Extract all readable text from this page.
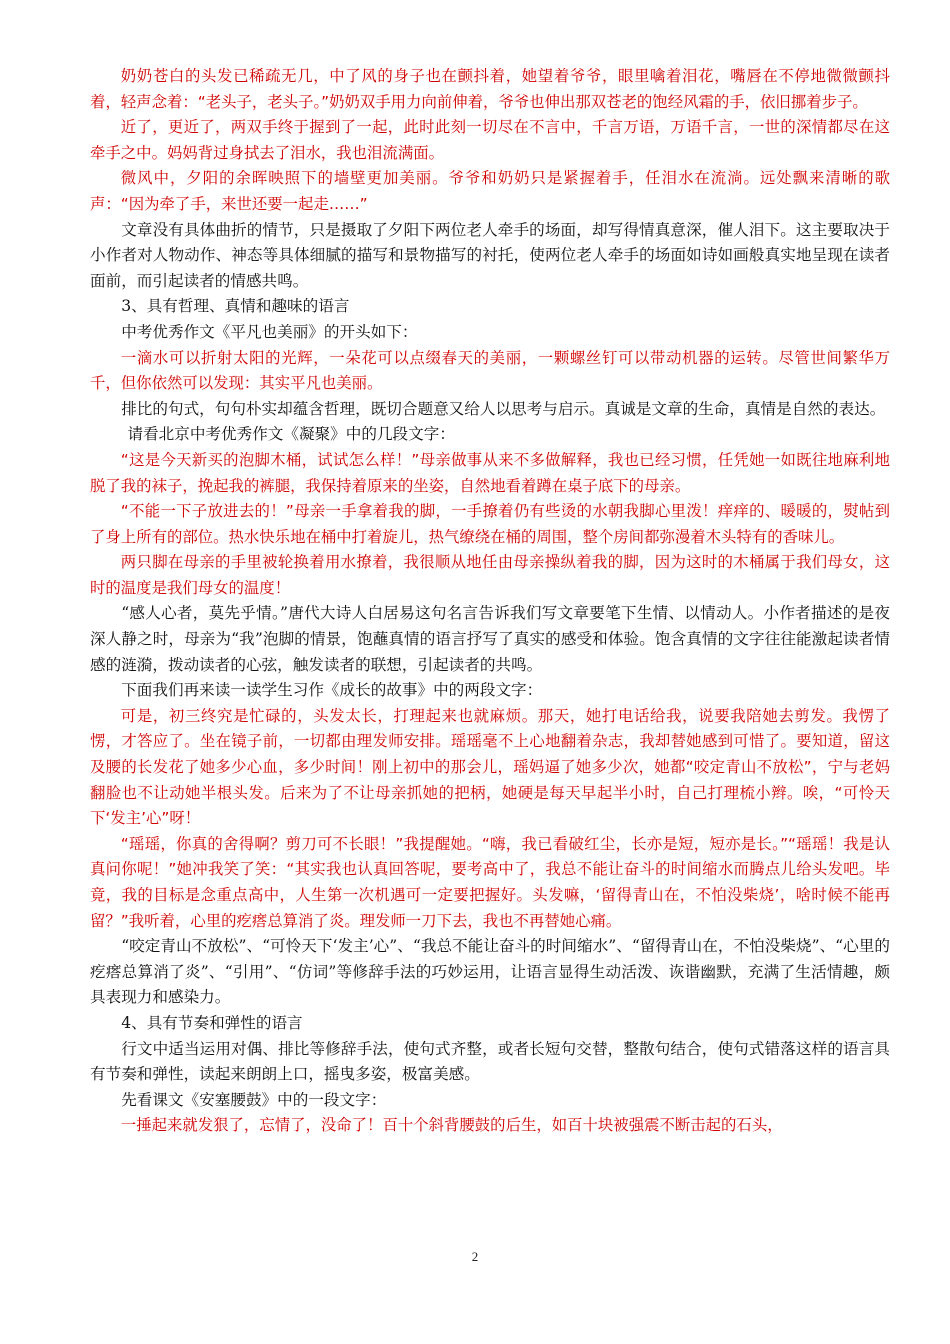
奶奶苍白的头发已稀疏无几，中了风的身子也在颤抖着，她望着爷爷，眼里噙着泪花，嘴唇在不停地微微颤抖着，轻声念着：“老头子，老头子。”奶奶双手用力向前伸着，爷爷也伸出那双苍老的饱经风霜的手，依旧挪着步子。

近了，更近了，两双手终于握到了一起，此时此刻一切尽在不言中，千言万语，万语千言，一世的深情都尽在这牵手之中。妈妈背过身拭去了泪水，我也泪流满面。

微风中，夕阳的余晖映照下的墙壁更加美丽。爷爷和奶奶只是紧握着手，任泪水在流淌。远处飘来清晰的歌声：“因为牵了手，来世还要一起走……”

文章没有具体曲折的情节，只是摄取了夕阳下两位老人牵手的场面，却写得情真意深，催人泪下。这主要取决于小作者对人物动作、神态等具体细腻的描写和景物描写的衬托，使两位老人牵手的场面如诗如画般真实地呈现在读者面前，而引起读者的情感共鸣。

3、具有哲理、真情和趣味的语言

中考优秀作文《平凡也美丽》的开头如下：

一滴水可以折射太阳的光辉，一朵花可以点缀春天的美丽，一颗螺丝钉可以带动机器的运转。尽管世间繁华万千，但你依然可以发现：其实平凡也美丽。

排比的句式，句句朴实却蕴含哲理，既切合题意又给人以思考与启示。真诚是文章的生命，真情是自然的表达。

请看北京中考优秀作文《凝聚》中的几段文字：

“这是今天新买的泡脚木桶，试试怎么样！”母亲做事从来不多做解释，我也已经习惯，任凭她一如既往地麻利地脱了我的袜子，挽起我的裤腿，我保持着原来的坐姿，自然地看着蹲在桌子底下的母亲。

“不能一下子放进去的！”母亲一手拿着我的脚，一手撩着仍有些烫的水朝我脚心里泼！痒痒的、暖暖的，熨帖到了身上所有的部位。热水快乐地在桶中打着旋儿，热气缭绕在桶的周围，整个房间都弥漫着木头特有的香味儿。

两只脚在母亲的手里被轮换着用水撩着，我很顺从地任由母亲操纵着我的脚，因为这时的木桶属于我们母女，这时的温度是我们母女的温度！

“感人心者，莫先乎情。”唐代大诗人白居易这句名言告诉我们写文章要笔下生情、以情动人。小作者描述的是夜深人静之时，母亲为“我”泡脚的情景，饱蘸真情的语言抒写了真实的感受和体验。饱含真情的文字往往能激起读者情感的涟漪，拨动读者的心弦，触发读者的联想，引起读者的共鸣。

下面我们再来读一读学生习作《成长的故事》中的两段文字：

可是，初三终究是忙碌的，头发太长，打理起来也就麻烦。那天，她打电话给我，说要我陪她去剪发。我愣了愣，才答应了。坐在镜子前，一切都由理发师安排。瑶瑶毫不上心地翻着杂志，我却替她感到可惜了。要知道，留这及腰的长发花了她多少心血，多少时间！刚上初中的那会儿，瑶妈逼了她多少次，她都“咬定青山不放松”，宁与老妈翻脸也不让动她半根头发。后来为了不让母亲抓她的把柄，她硬是每天早起半小时，自己打理梳小辫。唉，“可怜天下‘发主’心”呀！

“瑶瑶，你真的舍得啊？剪刀可不长眼！”我提醒她。“嗨，我已看破红尘，长亦是短，短亦是长。”“瑶瑶！我是认真问你呢！”她冲我笑了笑：“其实我也认真回答呢，要考高中了，我总不能让奋斗的时间缩水而腾点儿给头发吧。毕竟，我的目标是念重点高中，人生第一次机遇可一定要把握好。头发嘛，‘留得青山在，不怕没柴烧’，啥时候不能再留？”我听着，心里的疙瘩总算消了炎。理发师一刀下去，我也不再替她心痛。

“咬定青山不放松”、“可怜天下‘发主’心”、“我总不能让奋斗的时间缩水”、“留得青山在，不怕没柴烧”、“心里的疙瘩总算消了炎”、“引用”、“仿词”等修辞手法的巧妙运用，让语言显得生动活泼、诙谐幽默，充满了生活情趣，颇具表现力和感染力。

4、具有节奏和弹性的语言

行文中适当运用对偶、排比等修辞手法，使句式齐整，或者长短句交替，整散句结合，使句式错落这样的语言具有节奏和弹性，读起来朗朗上口，摇曳多姿，极富美感。

先看课文《安塞腰鼓》中的一段文字：

一捶起来就发狠了，忘情了，没命了！百十个斜背腰鼓的后生，如百十块被强震不断击起的石头，

2
